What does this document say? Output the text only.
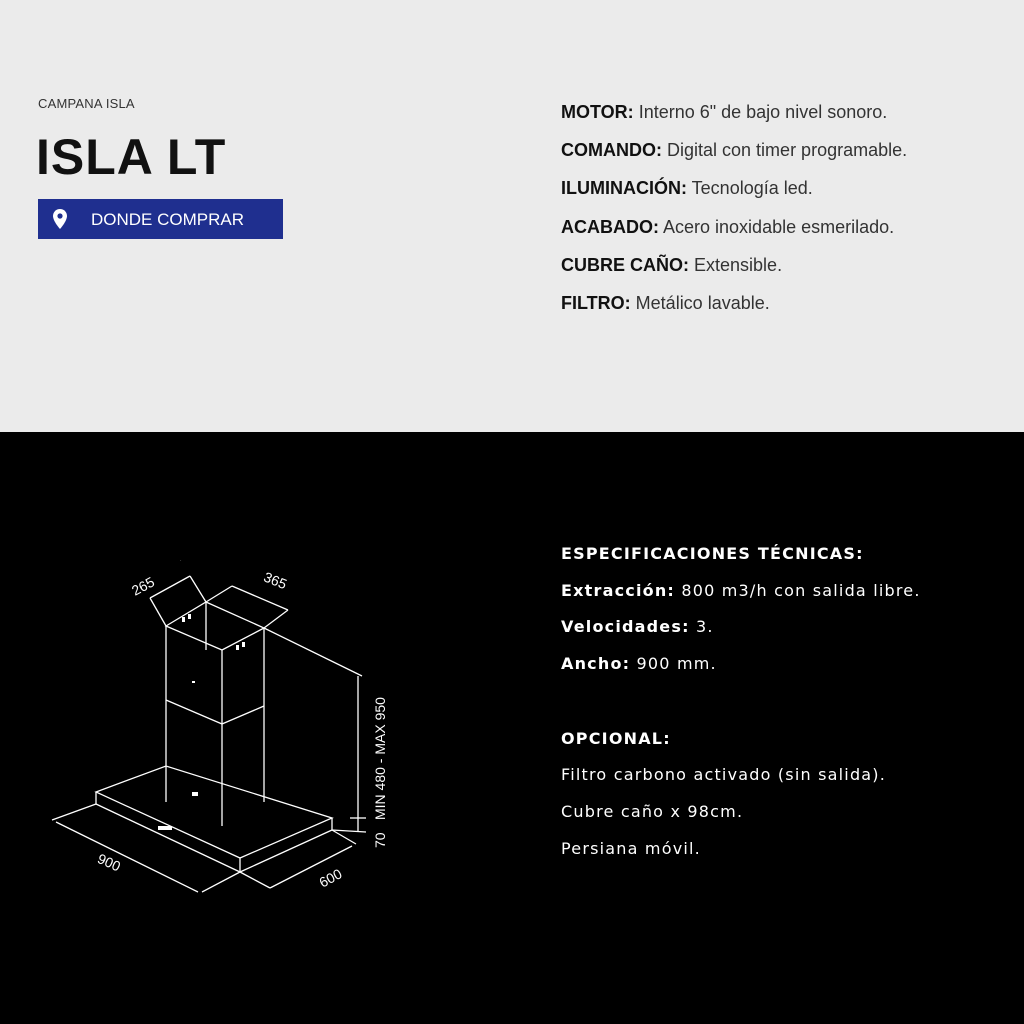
CAMPANA ISLA
ISLA LT
DONDE COMPRAR
MOTOR: Interno 6" de bajo nivel sonoro.
COMANDO: Digital con timer programable.
ILUMINACIÓN: Tecnología led.
ACABADO: Acero inoxidable esmerilado.
CUBRE CAÑO: Extensible.
FILTRO: Metálico lavable.
265	365
MIN 480 - MAX 950
70
900
600
ESPECIFICACIONES TÉCNICAS:
Extracción: 800 m3/h con salida libre.
Velocidades: 3.
Ancho: 900 mm.
OPCIONAL:
Filtro carbono activado (sin salida).
Cubre caño x 98cm.
Persiana móvil.
